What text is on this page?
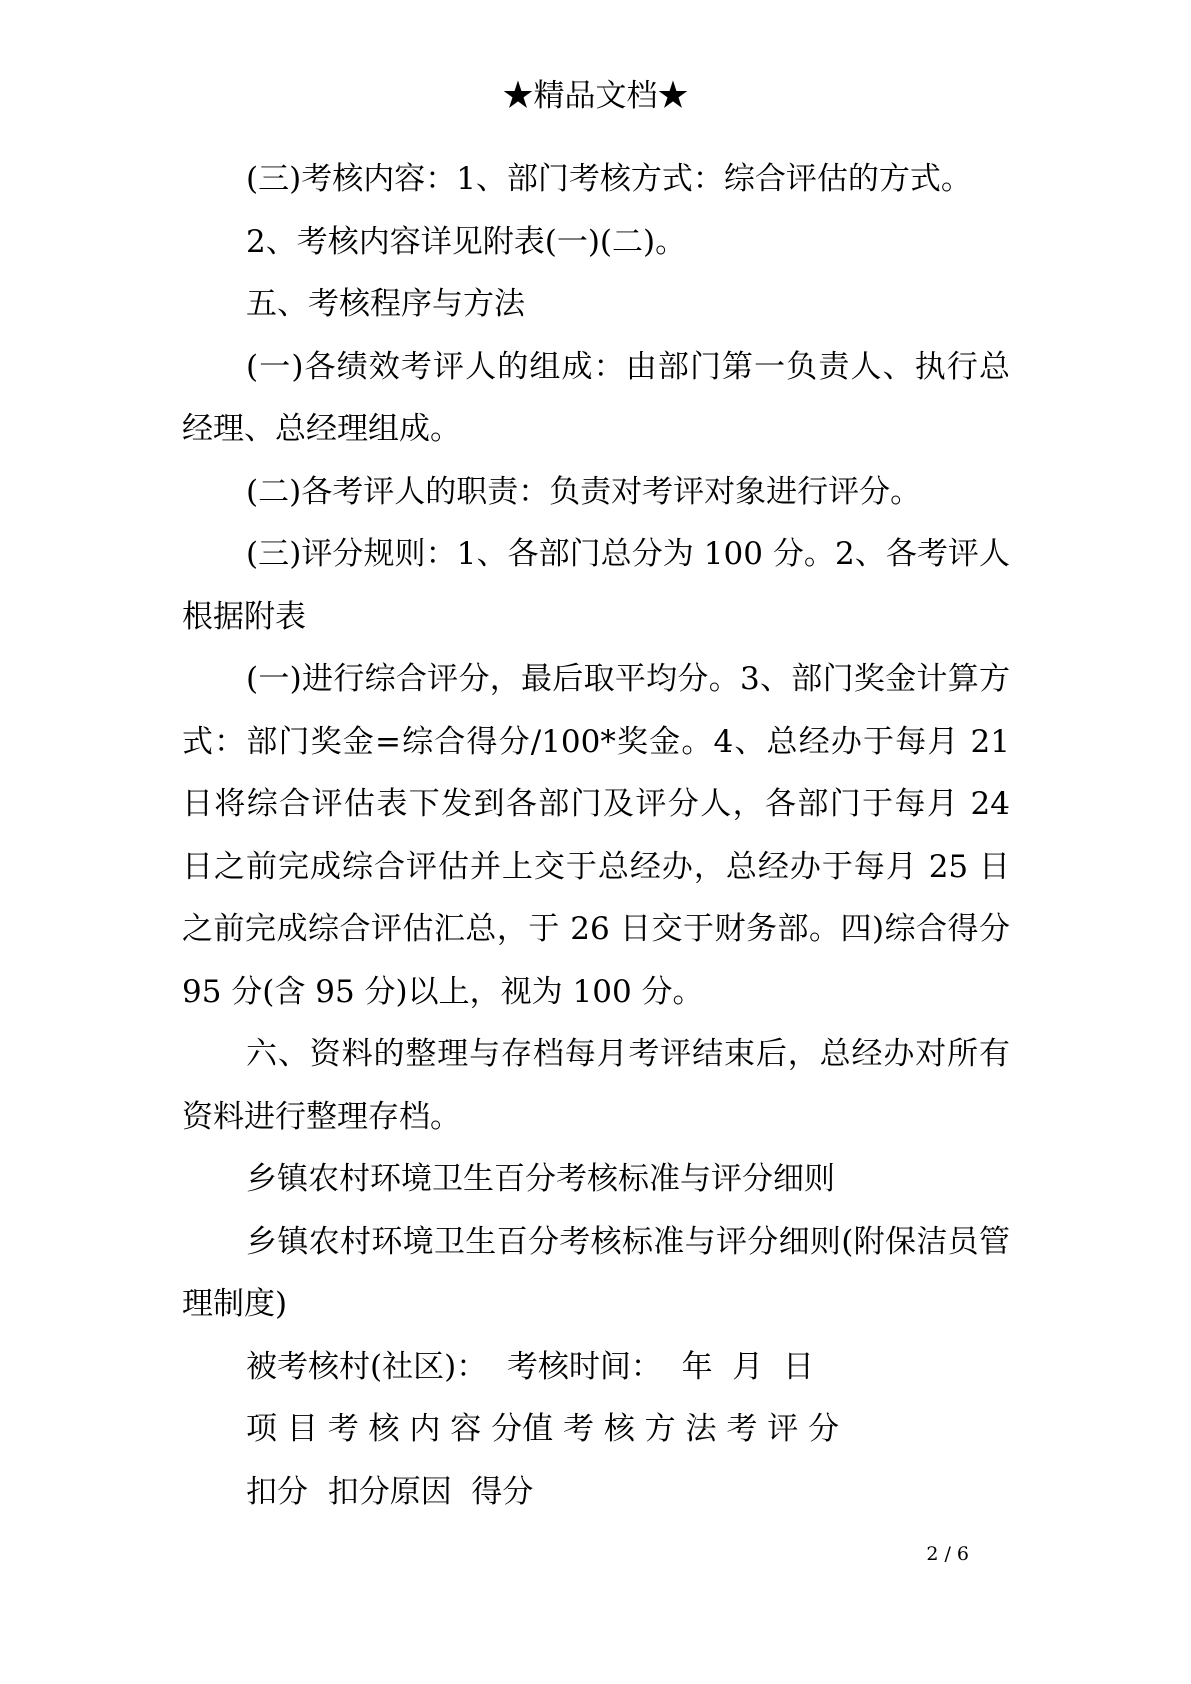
★精品文档★

(三)考核内容：1、部门考核方式：综合评估的方式。

2、考核内容详见附表(一)(二)。

五、考核程序与方法

(一)各绩效考评人的组成：由部门第一负责人、执行总经理、总经理组成。

(二)各考评人的职责：负责对考评对象进行评分。

(三)评分规则：1、各部门总分为 100 分。2、各考评人根据附表

(一)进行综合评分，最后取平均分。3、部门奖金计算方式：部门奖金=综合得分/100*奖金。4、总经办于每月 21 日将综合评估表下发到各部门及评分人，各部门于每月 24 日之前完成综合评估并上交于总经办，总经办于每月 25 日之前完成综合评估汇总，于 26 日交于财务部。四)综合得分 95 分(含 95 分)以上，视为 100 分。

六、资料的整理与存档每月考评结束后，总经办对所有资料进行整理存档。

乡镇农村环境卫生百分考核标准与评分细则

乡镇农村环境卫生百分考核标准与评分细则(附保洁员管理制度)

被考核村(社区)：  考核时间：  年  月  日

项 目 考 核 内 容 分值 考 核 方 法 考 评 分

扣分  扣分原因  得分

2 / 6
